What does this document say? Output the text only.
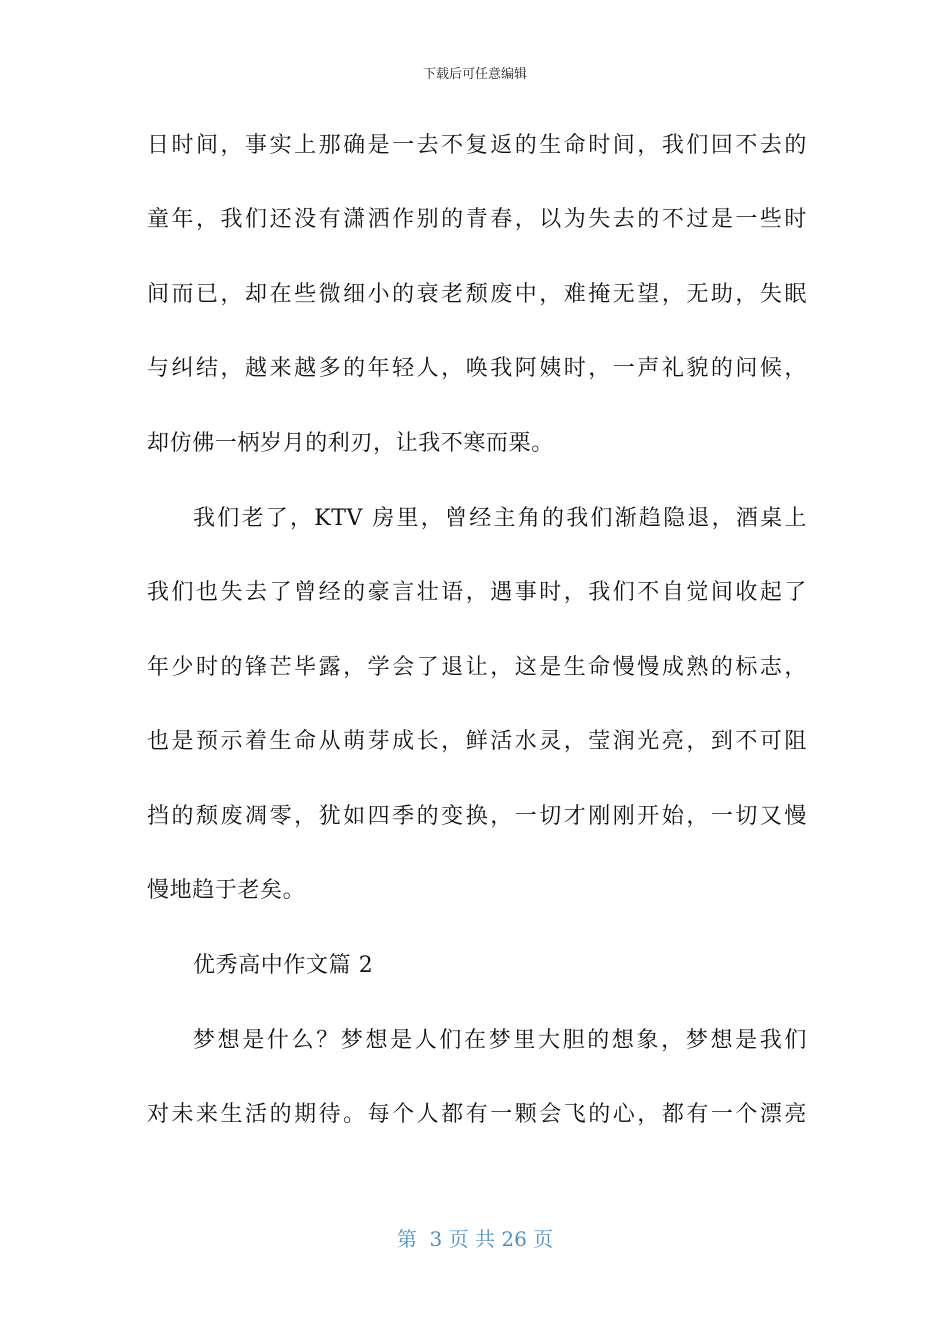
下载后可任意编辑
日时间，事实上那确是一去不复返的生命时间，我们回不去的
童年，我们还没有潇洒作别的青春，以为失去的不过是一些时
间而已，却在些微细小的衰老颓废中，难掩无望，无助，失眠
与纠结，越来越多的年轻人，唤我阿姨时，一声礼貌的问候，
却仿佛一柄岁月的利刃，让我不寒而栗。
我们老了，KTV 房里，曾经主角的我们渐趋隐退，酒桌上
我们也失去了曾经的豪言壮语，遇事时，我们不自觉间收起了
年少时的锋芒毕露，学会了退让，这是生命慢慢成熟的标志，
也是预示着生命从萌芽成长，鲜活水灵，莹润光亮，到不可阻
挡的颓废凋零，犹如四季的变换，一切才刚刚开始，一切又慢
慢地趋于老矣。
优秀高中作文篇 2
梦想是什么？梦想是人们在梦里大胆的想象，梦想是我们
对未来生活的期待。每个人都有一颗会飞的心，都有一个漂亮
第  3 页 共 26 页
